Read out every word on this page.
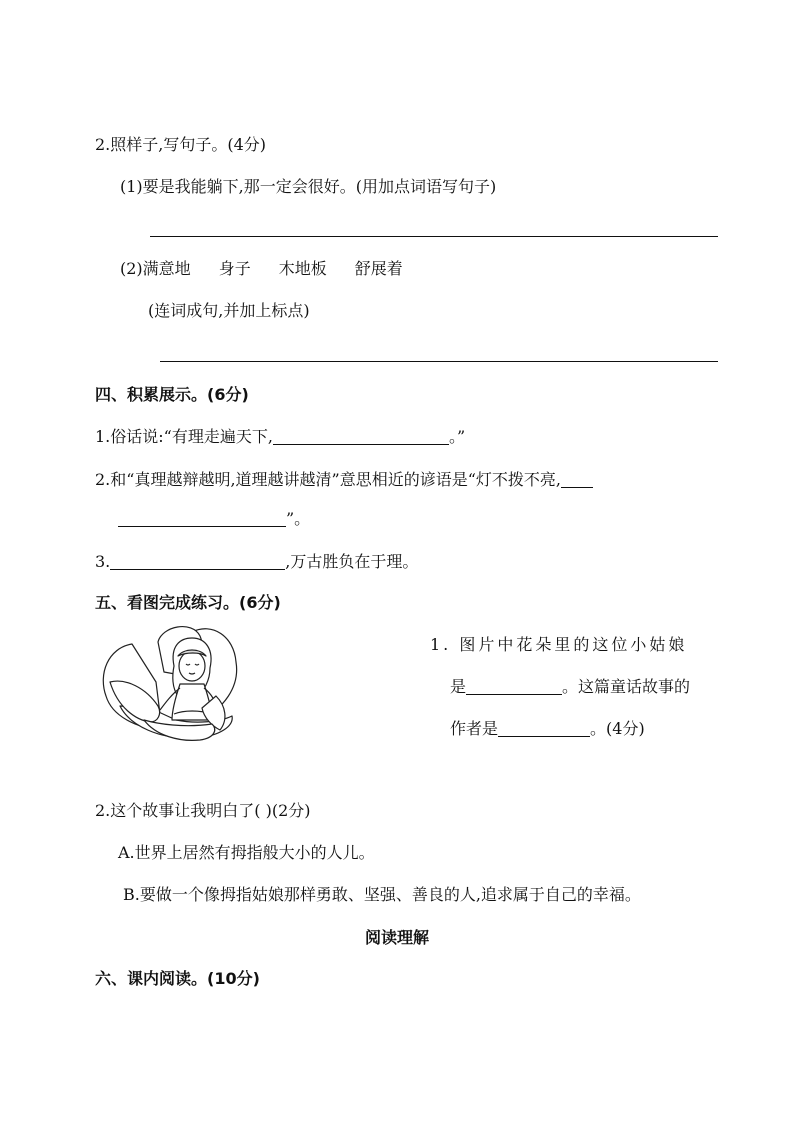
2.照样子,写句子。(4分)
(1)要是我能躺下,那一定会很好。(用加点词语写句子)
(2)满意地 身子 木地板 舒展着
(连词成句,并加上标点)
四、积累展示。(6分)
1.俗话说:“有理走遍天下,	。”
2.和“真理越辩越明,道理越讲越清”意思相近的谚语是“灯不拨不亮,
”。
3.	,万古胜负在于理。
五、看图完成练习。(6分)
1. 图片中花朵里的这位小姑娘
是	。这篇童话故事的
作者是	。(4分)
2.这个故事让我明白了( )(2分)
A.世界上居然有拇指般大小的人儿。
B.要做一个像拇指姑娘那样勇敢、坚强、善良的人,追求属于自己的幸福。
阅读理解
六、课内阅读。(10分)
